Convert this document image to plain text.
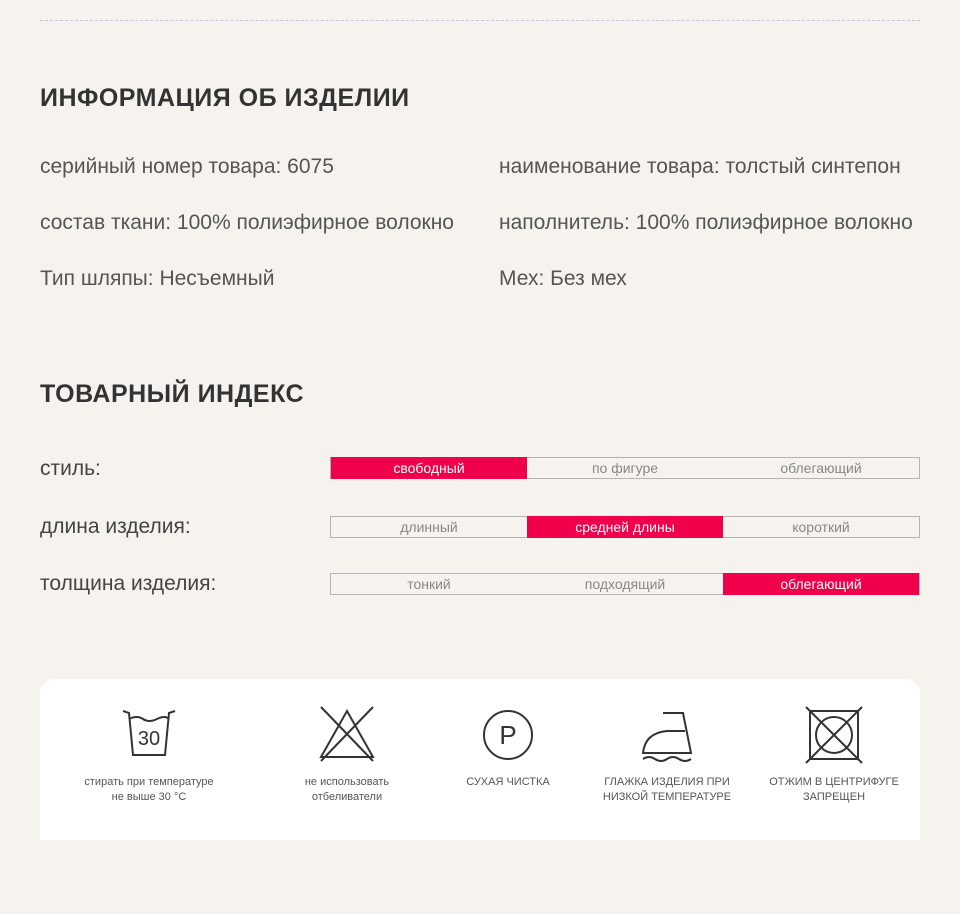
ИНФОРМАЦИЯ ОБ ИЗДЕЛИИ
серийный номер товара: 6075	наименование товара: толстый синтепон
состав ткани: 100% полиэфирное волокно наполнитель: 100% полиэфирное волокно
Тип шляпы: Несъемный	Мех: Без мех
ТОВАРНЫЙ ИНДЕКС
стиль:	свободный	по фигуре	облегающий
длина изделия:	длинный	средней длины	короткий
толщина изделия:	тонкий	подходящий	облегающий
30
стирать при температуре
не выше 30 °C
не использовать
отбеливатели
P
СУХАЯ ЧИСТКА	ГЛАЖКА ИЗДЕЛИЯ ПРИ
НИЗКОЙ ТЕМПЕРАТУРЕ
ОТЖИМ В ЦЕНТРИФУГЕ
ЗАПРЕЩЕН
